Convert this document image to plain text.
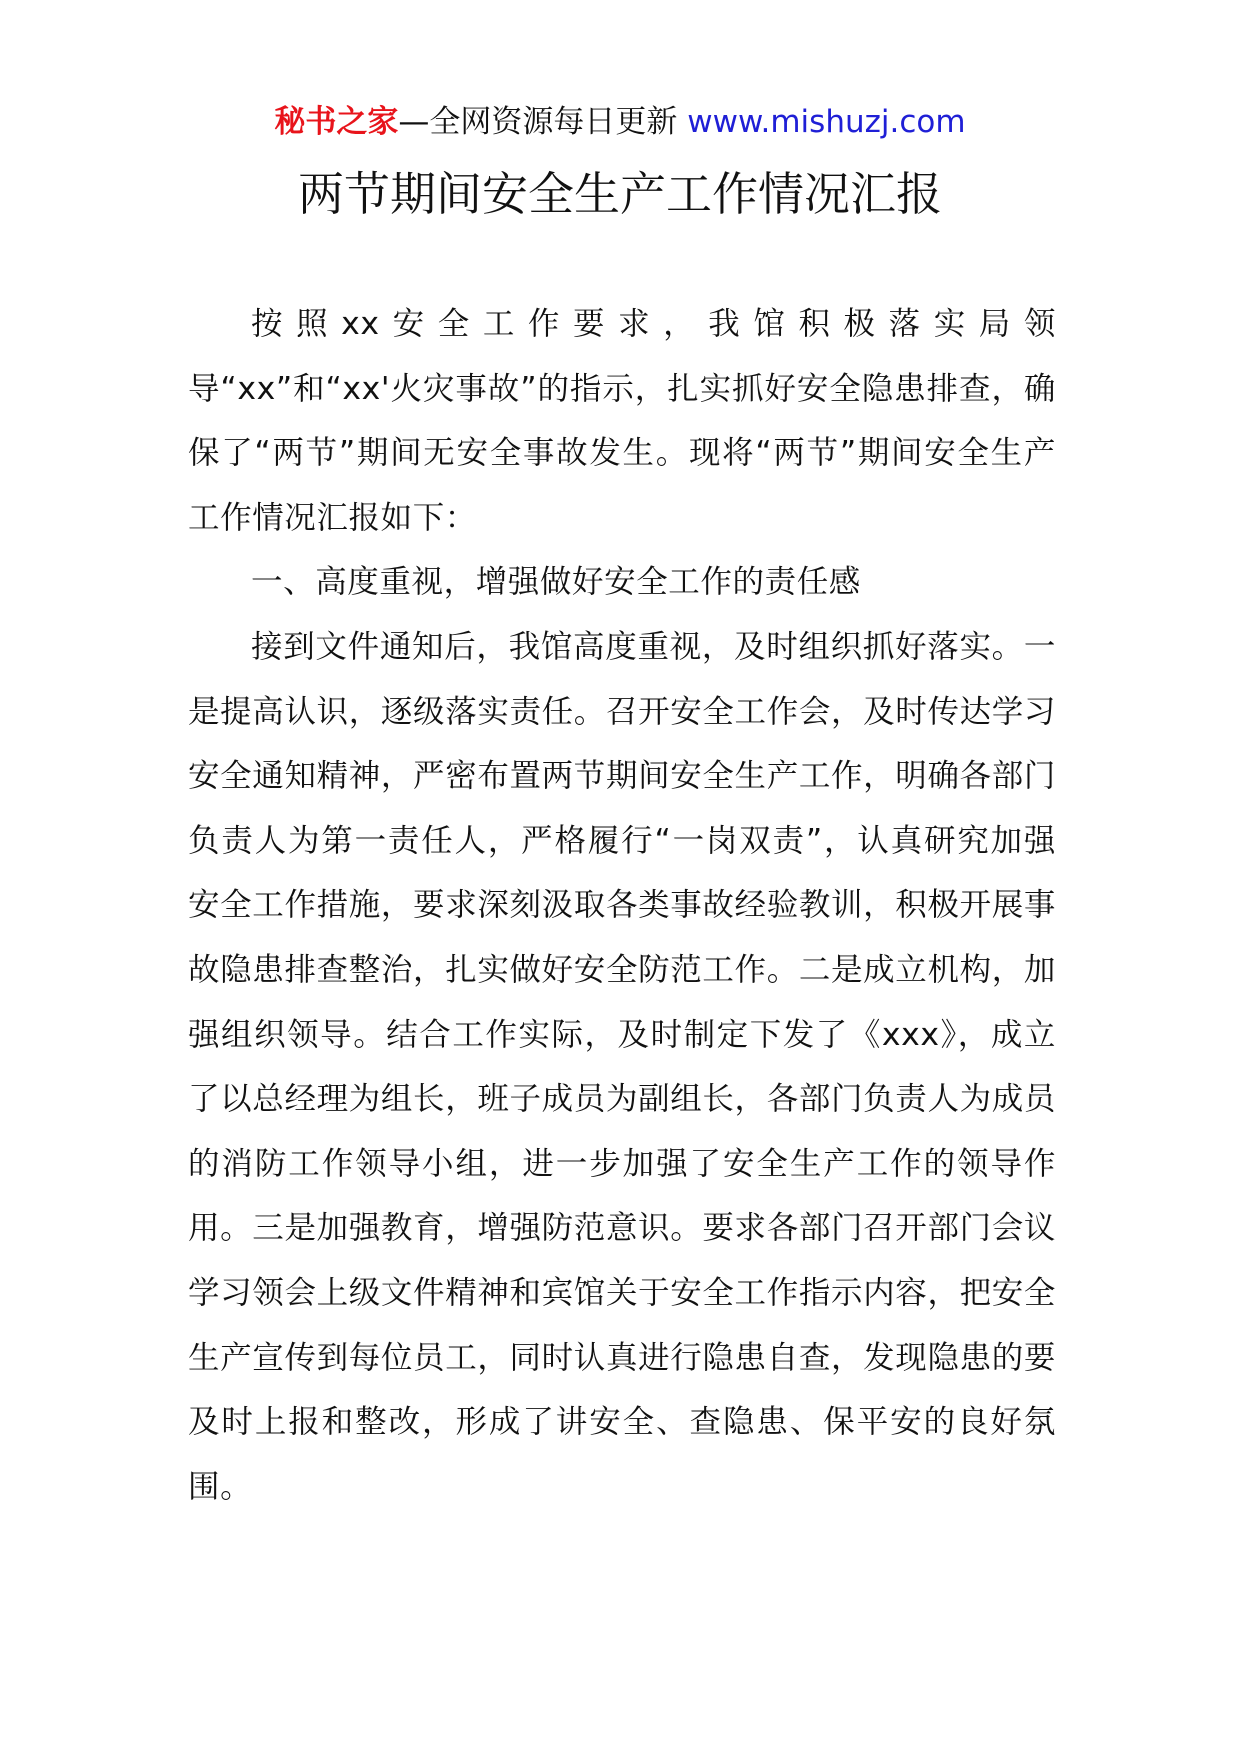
秘书之家—全网资源每日更新 www.mishuzj.com
两节期间安全生产工作情况汇报

按照xx安全工作要求，我馆积极落实局领导“xx”和“xx'火灾事故”的指示，扎实抓好安全隐患排查，确保了“两节”期间无安全事故发生。现将“两节”期间安全生产工作情况汇报如下：

一、高度重视，增强做好安全工作的责任感

接到文件通知后，我馆高度重视，及时组织抓好落实。一是提高认识，逐级落实责任。召开安全工作会，及时传达学习安全通知精神，严密布置两节期间安全生产工作，明确各部门负责人为第一责任人，严格履行“一岗双责”，认真研究加强安全工作措施，要求深刻汲取各类事故经验教训，积极开展事故隐患排查整治，扎实做好安全防范工作。二是成立机构，加强组织领导。结合工作实际，及时制定下发了《xxx》，成立了以总经理为组长，班子成员为副组长，各部门负责人为成员的消防工作领导小组，进一步加强了安全生产工作的领导作用。三是加强教育，增强防范意识。要求各部门召开部门会议学习领会上级文件精神和宾馆关于安全工作指示内容，把安全生产宣传到每位员工，同时认真进行隐患自查，发现隐患的要及时上报和整改，形成了讲安全、查隐患、保平安的良好氛围。
